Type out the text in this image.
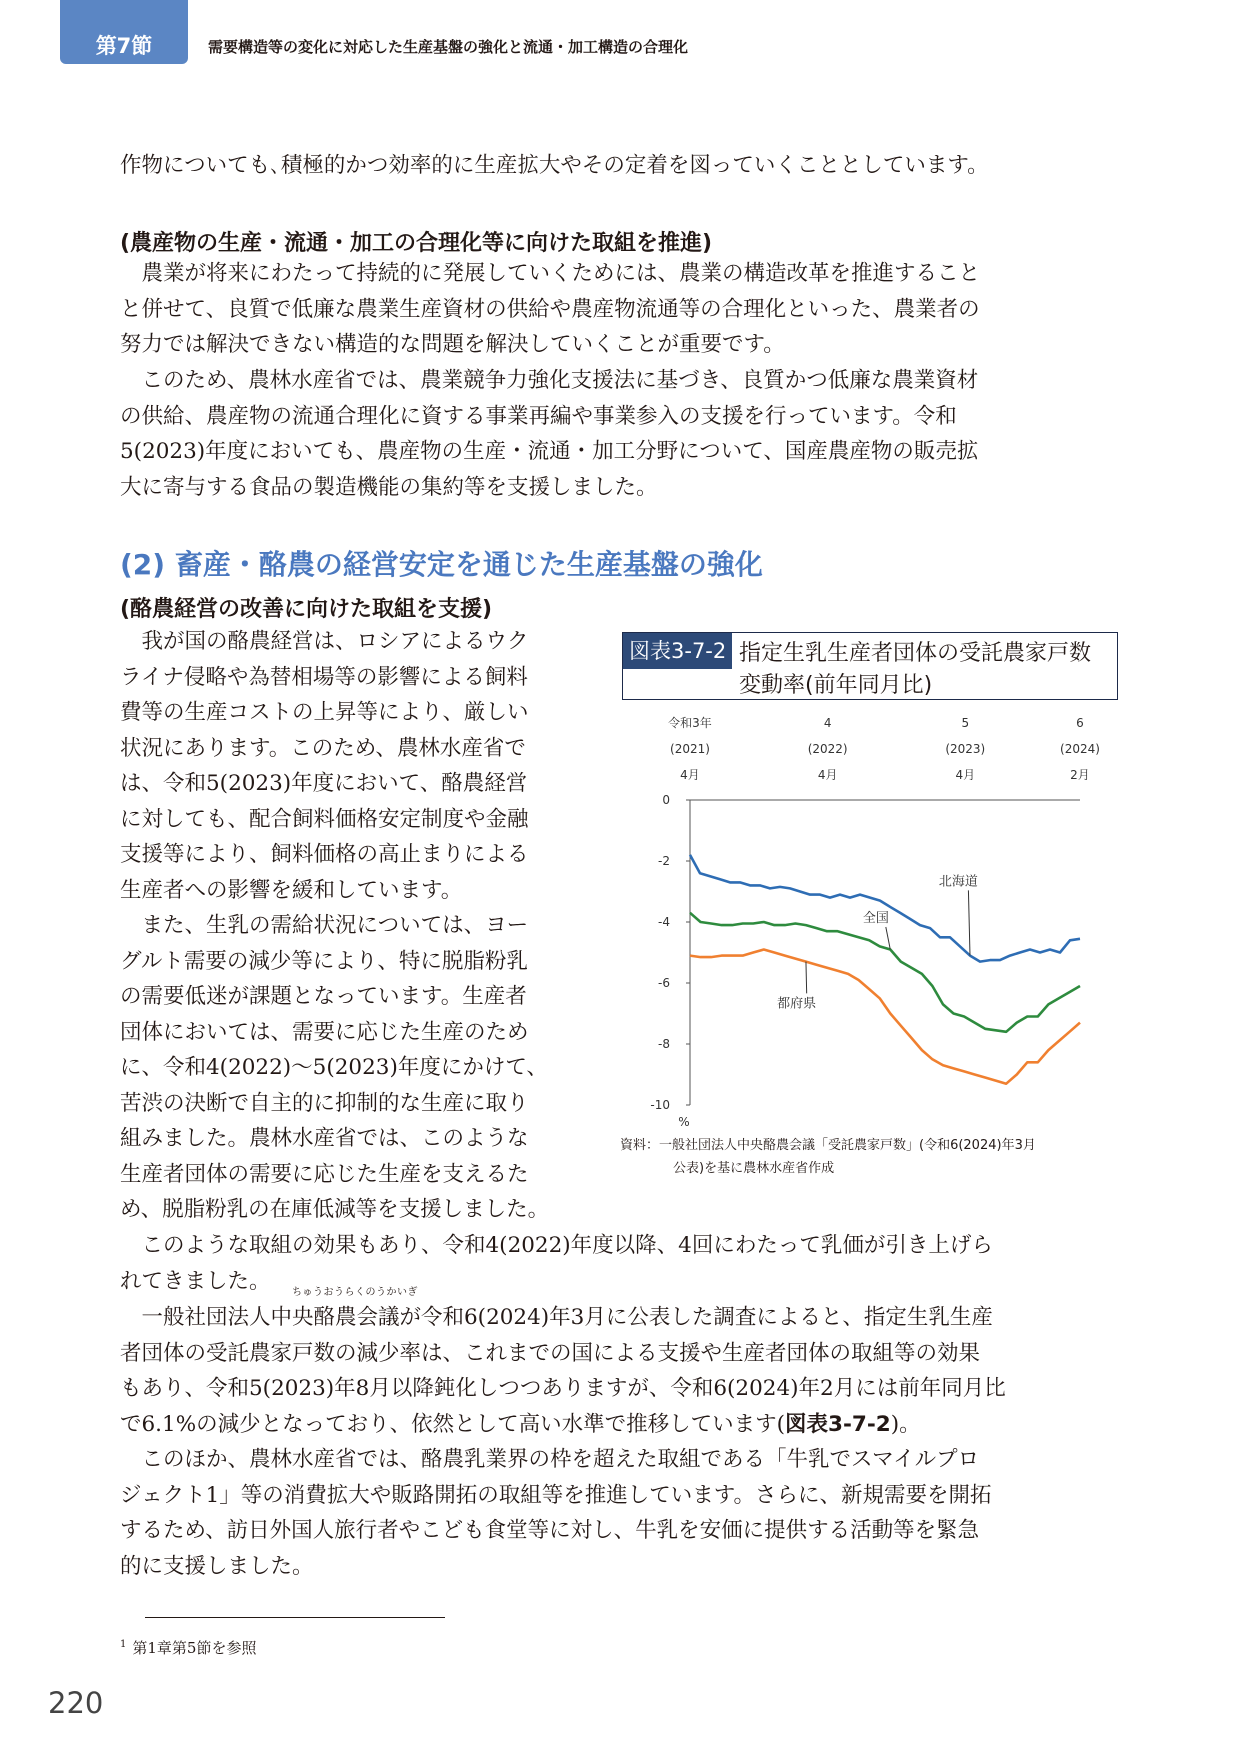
第7節	需要構造等の変化に対応した生産基盤の強化と流通・加工構造の合理化
作物についても､積極的かつ効率的に生産拡大やその定着を図っていくこととしています。
(農産物の生産・流通・加工の合理化等に向けた取組を推進)
　農業が将来にわたって持続的に発展していくためには、農業の構造改革を推進すること
と併せて、良質で低廉な農業生産資材の供給や農産物流通等の合理化といった、農業者の
努力では解決できない構造的な問題を解決していくことが重要です。
　このため、農林水産省では、農業競争力強化支援法に基づき、良質かつ低廉な農業資材
の供給、農産物の流通合理化に資する事業再編や事業参入の支援を行っています。令和
5(2023)年度においても、農産物の生産・流通・加工分野について、国産農産物の販売拡
大に寄与する食品の製造機能の集約等を支援しました。
(2) 畜産・酪農の経営安定を通じた生産基盤の強化
(酪農経営の改善に向けた取組を支援)
　我が国の酪農経営は、ロシアによるウク
ライナ侵略や為替相場等の影響による飼料
費等の生産コストの上昇等により、厳しい
状況にあります。このため、農林水産省で
は、令和5(2023)年度において、酪農経営
に対しても、配合飼料価格安定制度や金融
支援等により、飼料価格の高止まりによる
生産者への影響を緩和しています。
　また、生乳の需給状況については、ヨー
グルト需要の減少等により、特に脱脂粉乳
の需要低迷が課題となっています。生産者
団体においては、需要に応じた生産のため
に、令和4(2022)～5(2023)年度にかけて、
苦渋の決断で自主的に抑制的な生産に取り
組みました。農林水産省では、このような
生産者団体の需要に応じた生産を支えるた
め、脱脂粉乳の在庫低減等を支援しました。
　このような取組の効果もあり、令和4(2022)年度以降、4回にわたって乳価が引き上げら
れてきました。	ちゅうおうらくのうかいぎ
　一般社団法人中央酪農会議が令和6(2024)年3月に公表した調査によると、指定生乳生産
者団体の受託農家戸数の減少率は、これまでの国による支援や生産者団体の取組等の効果
もあり、令和5(2023)年8月以降鈍化しつつありますが、令和6(2024)年2月には前年同月比
で6.1%の減少となっており、依然として高い水準で推移しています(図表3-7-2)。
　このほか、農林水産省では、酪農乳業界の枠を超えた取組である「牛乳でスマイルプロ
ジェクト1」等の消費拡大や販路開拓の取組等を推進しています。さらに、新規需要を開拓
するため、訪日外国人旅行者やこども食堂等に対し、牛乳を安価に提供する活動等を緊急
的に支援しました。
図表3-7-2 指定生乳生産者団体の受託農家戸数
変動率(前年同月比)
0
-2
-4
-6
-8
-10
%
令和3年
(2021)
4月
4
(2022)
4月
5
(2023)
4月
6
(2024)
2月
北海道
全国
都府県
資料：一般社団法人中央酪農会議「受託農家戸数」(令和6(2024)年3月
公表)を基に農林水産省作成
$^1$ 第1章第5節を参照
220
